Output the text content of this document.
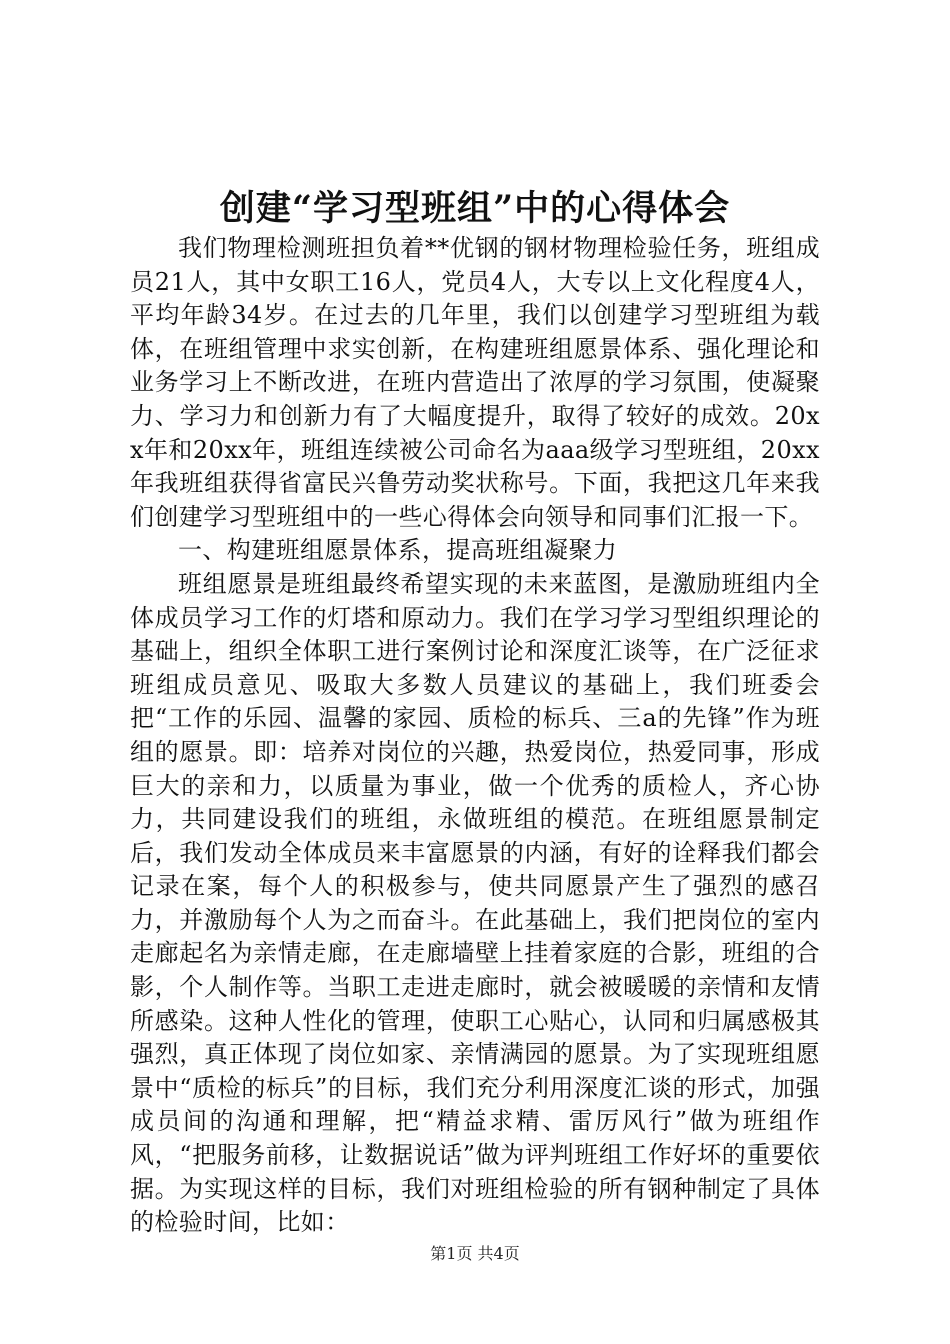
创建“学习型班组”中的心得体会

我们物理检测班担负着**优钢的钢材物理检验任务，班组成员21人，其中女职工16人，党员4人，大专以上文化程度4人，平均年龄34岁。在过去的几年里，我们以创建学习型班组为载体，在班组管理中求实创新，在构建班组愿景体系、强化理论和业务学习上不断改进，在班内营造出了浓厚的学习氛围，使凝聚力、学习力和创新力有了大幅度提升，取得了较好的成效。20xx年和20xx年，班组连续被公司命名为aaa级学习型班组，20xx年我班组获得省富民兴鲁劳动奖状称号。下面，我把这几年来我们创建学习型班组中的一些心得体会向领导和同事们汇报一下。

一、构建班组愿景体系，提高班组凝聚力

班组愿景是班组最终希望实现的未来蓝图，是激励班组内全体成员学习工作的灯塔和原动力。我们在学习学习型组织理论的基础上，组织全体职工进行案例讨论和深度汇谈等，在广泛征求班组成员意见、吸取大多数人员建议的基础上，我们班委会把“工作的乐园、温馨的家园、质检的标兵、三a的先锋”作为班组的愿景。即：培养对岗位的兴趣，热爱岗位，热爱同事，形成巨大的亲和力，以质量为事业，做一个优秀的质检人，齐心协力，共同建设我们的班组，永做班组的模范。在班组愿景制定后，我们发动全体成员来丰富愿景的内涵，有好的诠释我们都会记录在案，每个人的积极参与，使共同愿景产生了强烈的感召力，并激励每个人为之而奋斗。在此基础上，我们把岗位的室内走廊起名为亲情走廊，在走廊墙壁上挂着家庭的合影，班组的合影，个人制作等。当职工走进走廊时，就会被暖暖的亲情和友情所感染。这种人性化的管理，使职工心贴心，认同和归属感极其强烈，真正体现了岗位如家、亲情满园的愿景。为了实现班组愿景中“质检的标兵”的目标，我们充分利用深度汇谈的形式，加强成员间的沟通和理解，把“精益求精、雷厉风行”做为班组作风，“把服务前移，让数据说话”做为评判班组工作好坏的重要依据。为实现这样的目标，我们对班组检验的所有钢种制定了具体的检验时间，比如：

第1页 共4页
